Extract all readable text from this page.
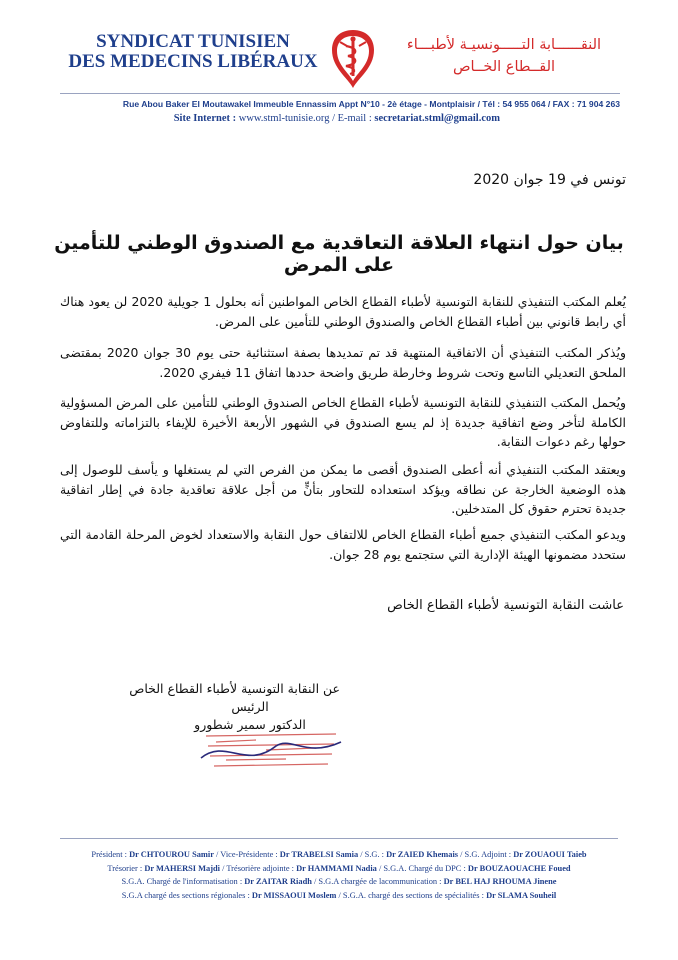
SYNDICAT TUNISIEN
DES MEDECINS LIBÉRAUX
النقــــــابة التـــــونسيـة لأطبـــاء
القــطاع الخــاص
Rue Abou Baker El Moutawakel Immeuble Ennassim Appt N°10 - 2è étage - Montplaisir / Tél : 54 955 064 / FAX : 71 904 263
Site Internet : www.stml-tunisie.org / E-mail : secretariat.stml@gmail.com
تونس في 19 جوان 2020
بيان حول انتهاء العلاقة التعاقدية مع الصندوق الوطني للتأمين على المرض
يُعلم المكتب التنفيذي للنقابة التونسية لأطباء القطاع الخاص المواطنين أنه بحلول 1 جويلية 2020 لن يعود هناك أي رابط قانوني بين أطباء القطاع الخاص والصندوق الوطني للتأمين على المرض.
ويُذكر المكتب التنفيذي أن الاتفاقية المنتهية قد تم تمديدها بصفة استثنائية حتى يوم 30 جوان 2020 بمقتضى الملحق التعديلي التاسع وتحت شروط وخارطة طريق واضحة حددها اتفاق 11 فيفري 2020.
ويُحمل المكتب التنفيذي للنقابة التونسية لأطباء القطاع الخاص الصندوق الوطني للتأمين على المرض المسؤولية الكاملة لتأخر وضع اتفاقية جديدة إذ لم يسع الصندوق في الشهور الأربعة الأخيرة للإيفاء بالتزاماته وللتفاوض حولها رغم دعوات النقابة.
ويعتقد المكتب التنفيذي أنه أعطى الصندوق أقصى ما يمكن من الفرص التي لم يستغلها و يأسف للوصول إلى هذه الوضعية الخارجة عن نطاقه ويؤكد استعداده للتحاور بتأنٍّ من أجل علاقة تعاقدية جادة في إطار اتفاقية جديدة تحترم حقوق كل المتدخلين.
ويدعو المكتب التنفيذي جميع أطباء القطاع الخاص للالتفاف حول النقابة والاستعداد لخوض المرحلة القادمة التي ستحدد مضمونها الهيئة الإدارية التي ستجتمع يوم 28 جوان.
عاشت النقابة التونسية لأطباء القطاع الخاص
عن النقابة التونسية لأطباء القطاع الخاص
الرئيس
الدكتور سمير شطورو
Président : Dr CHTOUROU Samir / Vice-Présidente : Dr TRABELSI Samia / S.G. : Dr ZAIED Khemais / S.G. Adjoint : Dr ZOUAOUI Taieb
Trésorier : Dr MAHERSI Majdi / Trésorière adjointe : Dr HAMMAMI Nadia / S.G.A. Chargé du DPC : Dr BOUZAOUACHE Foued
S.G.A. Chargé de l'informatisation : Dr ZAITAR Riadh / S.G.A chargée de lacommunication : Dr BEL HAJ RHOUMA Jinene
S.G.A chargé des sections régionales : Dr MISSAOUI Moslem / S.G.A. chargé des sections de spécialités : Dr SLAMA Souheil
